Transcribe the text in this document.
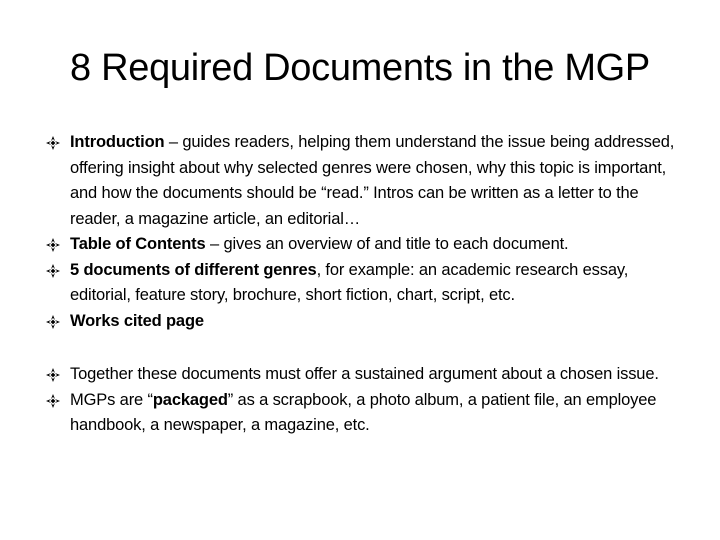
8 Required Documents in the MGP
Introduction – guides readers, helping them understand the issue being addressed, offering insight about why selected genres were chosen, why this topic is important, and how the documents should be “read.” Intros can be written as a letter to the reader, a magazine article, an editorial…
Table of Contents – gives an overview of and title to each document.
5 documents of different genres, for example: an academic research essay, editorial, feature story, brochure, short fiction, chart, script, etc.
Works cited page
Together these documents must offer a sustained argument about a chosen issue.
MGPs are “packaged” as a scrapbook, a photo album, a patient file, an employee handbook, a newspaper, a magazine, etc.
